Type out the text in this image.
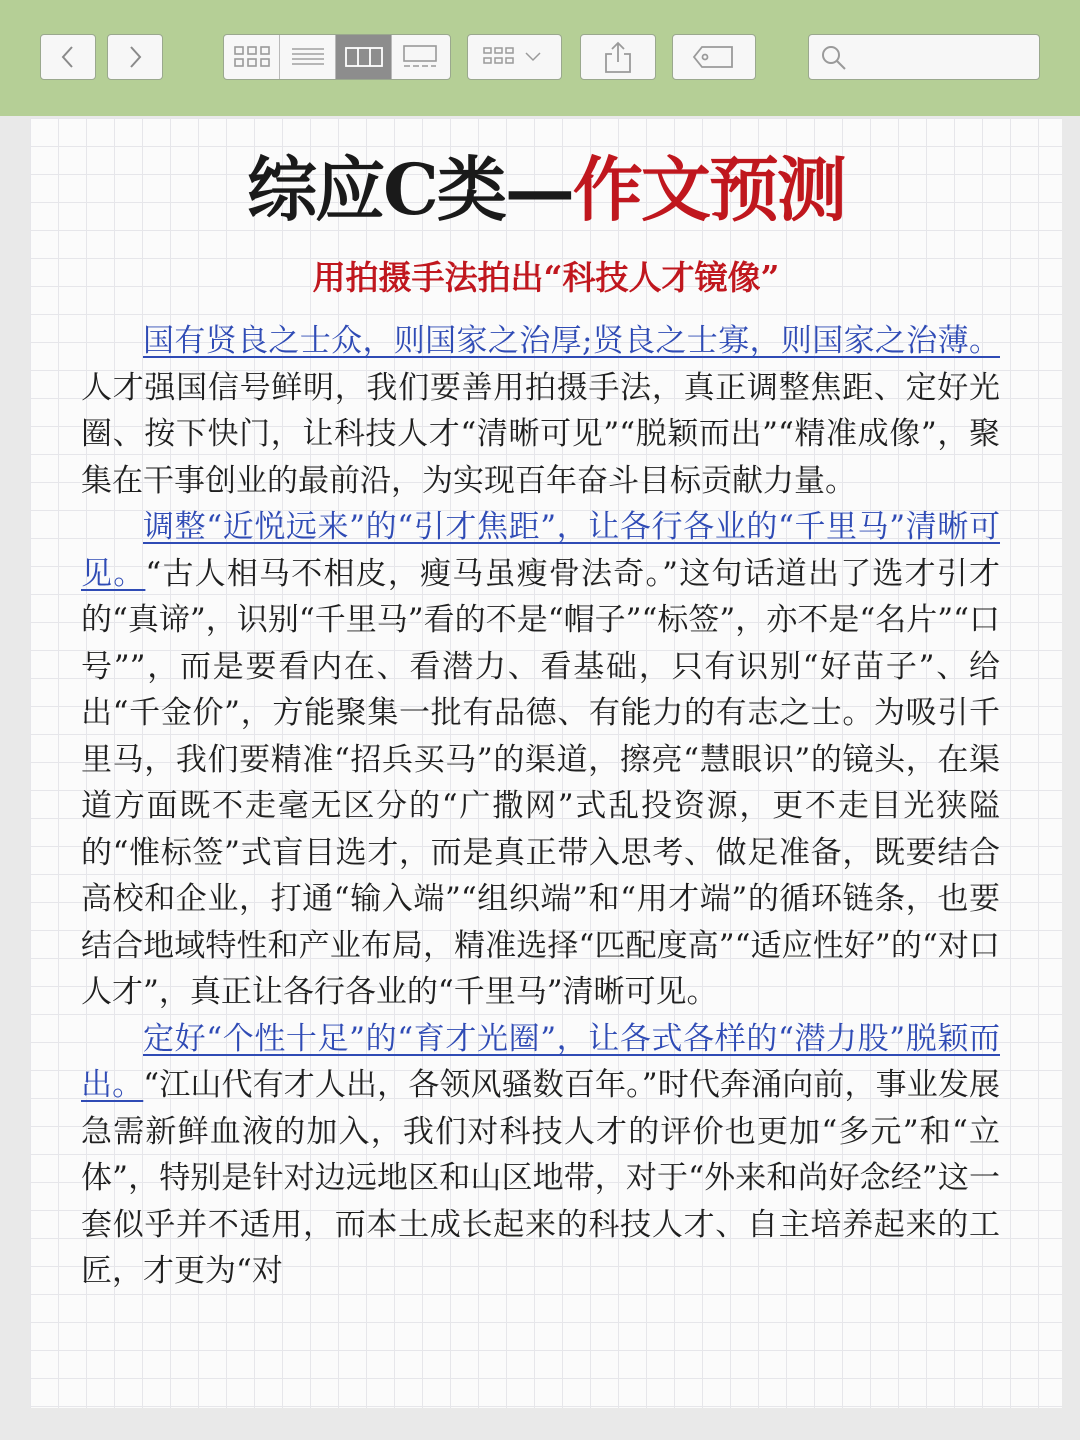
综应C类—作文预测
用拍摄手法拍出“科技人才镜像”

国有贤良之士众，则国家之治厚;贤良之士寡，则国家之治薄。人才强国信号鲜明，我们要善用拍摄手法，真正调整焦距、定好光圈、按下快门，让科技人才“清晰可见”“脱颖而出”“精准成像”，聚集在干事创业的最前沿，为实现百年奋斗目标贡献力量。

调整“近悦远来”的“引才焦距”，让各行各业的“千里马”清晰可见。“古人相马不相皮，瘦马虽瘦骨法奇。”这句话道出了选才引才的“真谛”，识别“千里马”看的不是“帽子”“标签”，亦不是“名片”“口号””，而是要看内在、看潜力、看基础，只有识别“好苗子”、给出“千金价”，方能聚集一批有品德、有能力的有志之士。为吸引千里马，我们要精准“招兵买马”的渠道，擦亮“慧眼识”的镜头，在渠道方面既不走毫无区分的“广撒网”式乱投资源，更不走目光狭隘的“惟标签”式盲目选才，而是真正带入思考、做足准备，既要结合高校和企业，打通“输入端”“组织端”和“用才端”的循环链条，也要结合地域特性和产业布局，精准选择“匹配度高”“适应性好”的“对口人才”，真正让各行各业的“千里马”清晰可见。

定好“个性十足”的“育才光圈”，让各式各样的“潜力股”脱颖而出。“江山代有才人出，各领风骚数百年。”时代奔涌向前，事业发展急需新鲜血液的加入，我们对科技人才的评价也更加“多元”和“立体”，特别是针对边远地区和山区地带，对于“外来和尚好念经”这一套似乎并不适用，而本土成长起来的科技人才、自主培养起来的工匠，才更为“对
